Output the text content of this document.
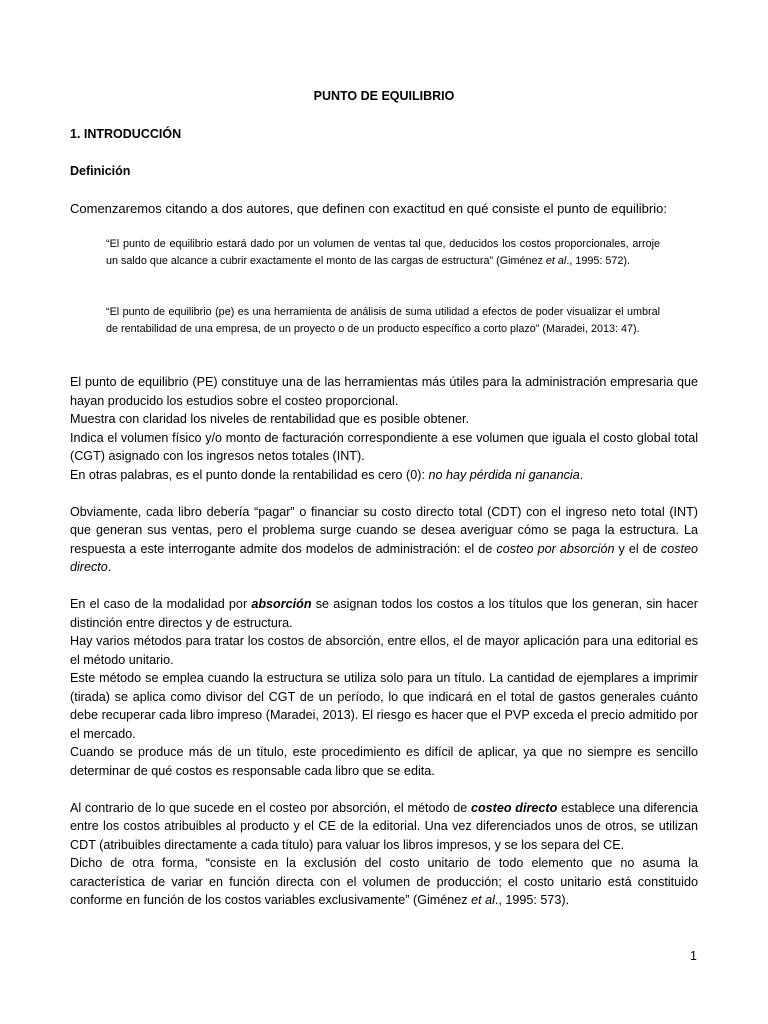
PUNTO DE EQUILIBRIO
1. INTRODUCCIÓN
Definición
Comenzaremos citando a dos autores, que definen con exactitud en qué consiste el punto de equilibrio:
“El punto de equilibrio estará dado por un volumen de ventas tal que, deducidos los costos proporcionales, arroje un saldo que alcance a cubrir exactamente el monto de las cargas de estructura” (Giménez et al., 1995: 572).
“El punto de equilibrio (pe) es una herramienta de análisis de suma utilidad a efectos de poder visualizar el umbral de rentabilidad de una empresa, de un proyecto o de un producto específico a corto plazo” (Maradei, 2013: 47).

El punto de equilibrio (PE) constituye una de las herramientas más útiles para la administración empresaria que hayan producido los estudios sobre el costeo proporcional.

Muestra con claridad los niveles de rentabilidad que es posible obtener.

Indica el volumen físico y/o monto de facturación correspondiente a ese volumen que iguala el costo global total (CGT) asignado con los ingresos netos totales (INT).

En otras palabras, es el punto donde la rentabilidad es cero (0): no hay pérdida ni ganancia.

Obviamente, cada libro debería “pagar” o financiar su costo directo total (CDT) con el ingreso neto total (INT) que generan sus ventas, pero el problema surge cuando se desea averiguar cómo se paga la estructura. La respuesta a este interrogante admite dos modelos de administración: el de costeo por absorción y el de costeo directo.

En el caso de la modalidad por absorción se asignan todos los costos a los títulos que los generan, sin hacer distinción entre directos y de estructura.

Hay varios métodos para tratar los costos de absorción, entre ellos, el de mayor aplicación para una editorial es el método unitario.

Este método se emplea cuando la estructura se utiliza solo para un título. La cantidad de ejemplares a imprimir (tirada) se aplica como divisor del CGT de un período, lo que indicará en el total de gastos generales cuánto debe recuperar cada libro impreso (Maradei, 2013). El riesgo es hacer que el PVP exceda el precio admitido por el mercado.

Cuando se produce más de un título, este procedimiento es difícil de aplicar, ya que no siempre es sencillo determinar de qué costos es responsable cada libro que se edita.

Al contrario de lo que sucede en el costeo por absorción, el método de costeo directo establece una diferencia entre los costos atribuibles al producto y el CE de la editorial. Una vez diferenciados unos de otros, se utilizan CDT (atribuibles directamente a cada título) para valuar los libros impresos, y se los separa del CE.

Dicho de otra forma, “consiste en la exclusión del costo unitario de todo elemento que no asuma la característica de variar en función directa con el volumen de producción; el costo unitario está constituido conforme en función de los costos variables exclusivamente” (Giménez et al., 1995: 573).

1
